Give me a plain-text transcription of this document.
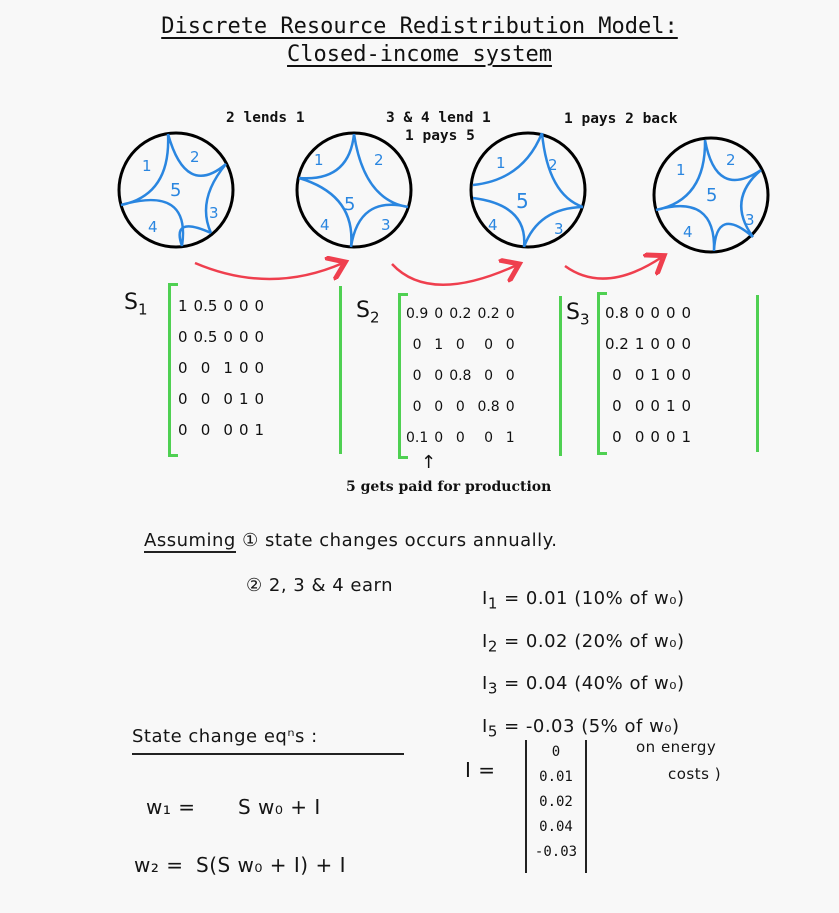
Discrete Resource Redistribution Model:
Closed-income system
2 lends 1	3 & 4 lend 1
1 pays 5
1 pays 2 back
1	2
5
4
3
1	2
5
4	3
1	2
5
4	3
1
2
5
4
3
$S_1$ 1	0.5	0	0	0
0	0.5	0	0	0
0	0	1	0	0
0	0	0	1	0
0	0	0	0	1
$S_2$ 0.9	0	0.2	0.2	0
0	1	0	0	0
0	0	0.8	0	0
0	0	0	0.8	0
0.1	0	0	0	1
$S_3$ 0.8	0	0	0	0
0.2	1	0	0	0
0	0	1	0	0
0	0	0	1	0
0	0	0	0	1
↑
5 gets paid for production
Assuming ① state changes occurs annually.
② 2, 3 & 4 earn
$I_1 = 0.01$ (10% of w₀)
$I_2 = 0.02$ (20% of w₀)
$I_3 = 0.04$ (40% of w₀)
$I_5 = -0.03$ (5% of w₀)
on energy
costs )
I =
0
0.01
0.02
0.04
-0.03
State change eqⁿs :
w₁ = S w₀ + I
w₂ = S(S w₀ + I) + I
